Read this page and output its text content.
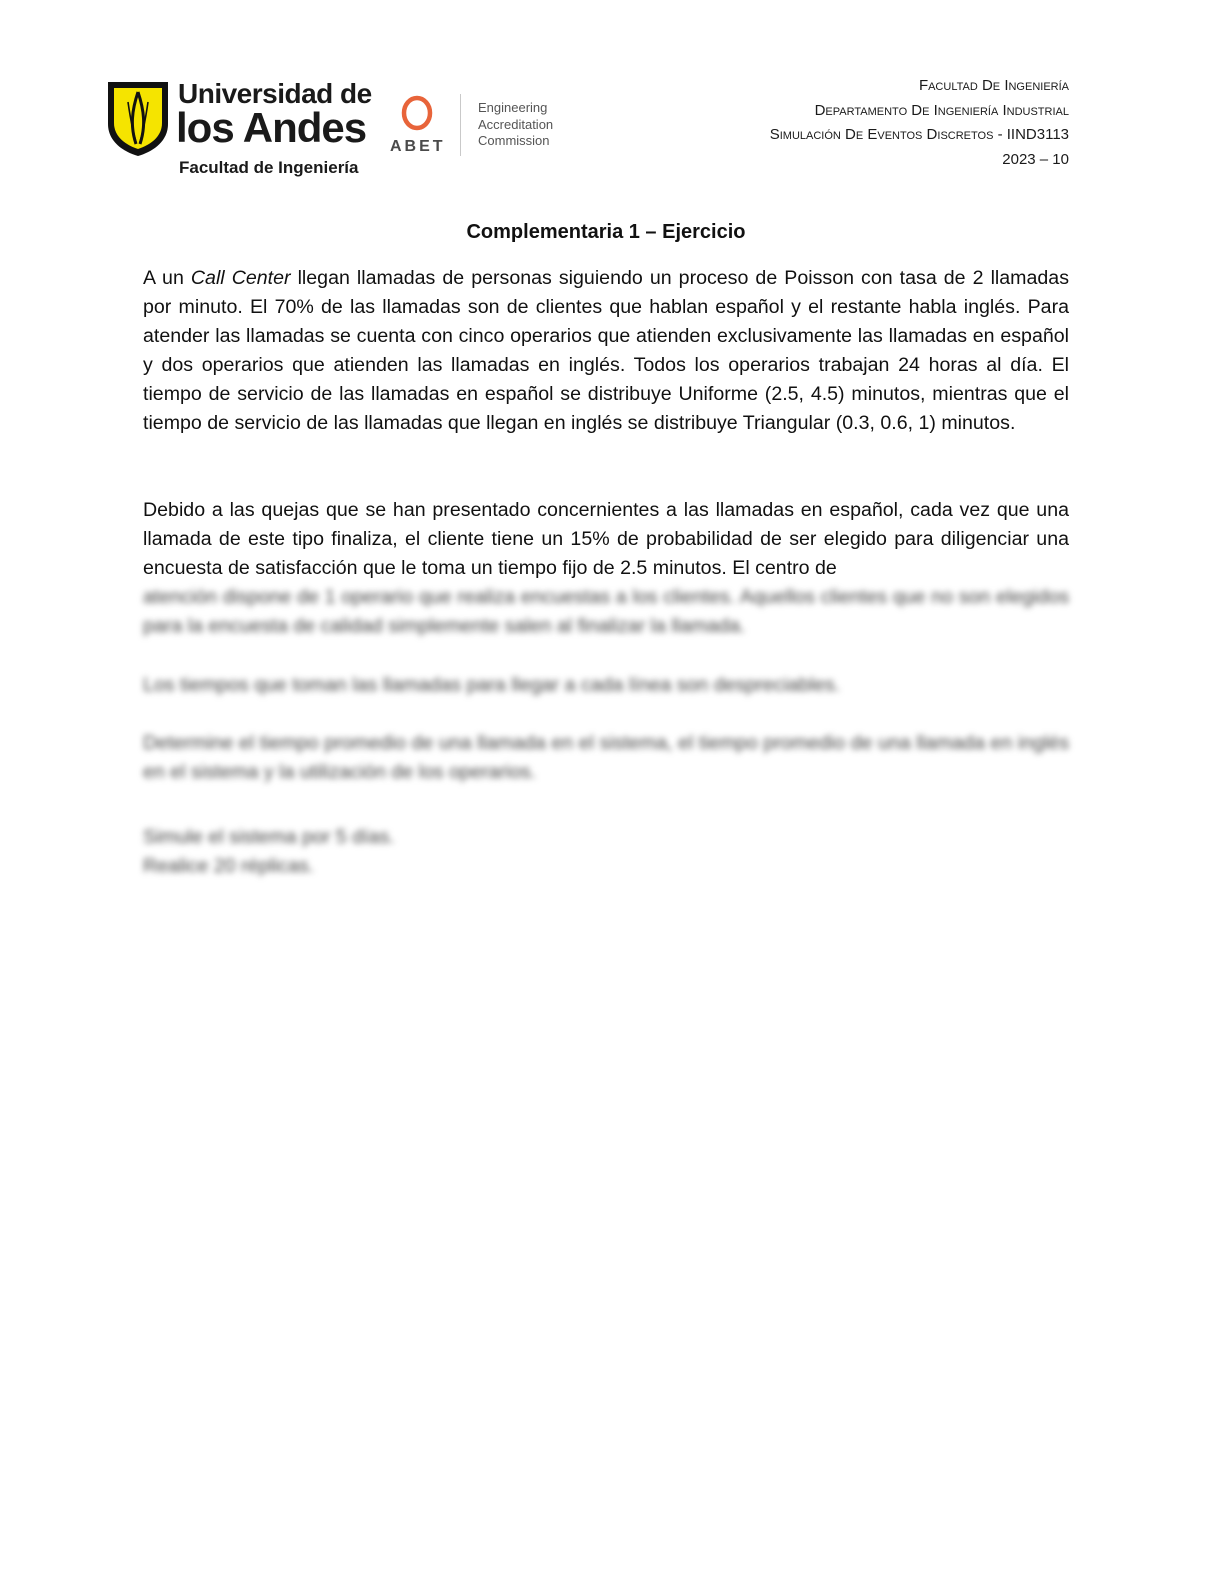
Universidad de
los Andes
Facultad de Ingeniería
ABET
Engineering
Accreditation
Commission
Facultad De Ingeniería
Departamento De Ingeniería Industrial
Simulación De Eventos Discretos - IIND3113
2023 – 10
Complementaria 1 – Ejercicio
A un Call Center llegan llamadas de personas siguiendo un proceso de Poisson con tasa de 2 llamadas por minuto. El 70% de las llamadas son de clientes que hablan español y el restante habla inglés. Para atender las llamadas se cuenta con cinco operarios que atienden exclusivamente las llamadas en español y dos operarios que atienden las llamadas en inglés. Todos los operarios trabajan 24 horas al día. El tiempo de servicio de las llamadas en español se distribuye Uniforme (2.5, 4.5) minutos, mientras que el tiempo de servicio de las llamadas que llegan en inglés se distribuye Triangular (0.3, 0.6, 1) minutos.
Debido a las quejas que se han presentado concernientes a las llamadas en español, cada vez que una llamada de este tipo finaliza, el cliente tiene un 15% de probabilidad de ser elegido para diligenciar una encuesta de satisfacción que le toma un tiempo fijo de 2.5 minutos. El centro de
atención dispone de 1 operario que realiza encuestas a los clientes. Aquellos clientes que no son elegidos para la encuesta de calidad simplemente salen al finalizar la llamada.
Los tiempos que toman las llamadas para llegar a cada línea son despreciables.
Determine el tiempo promedio de una llamada en el sistema, el tiempo promedio de una llamada en inglés en el sistema y la utilización de los operarios.
Simule el sistema por 5 días.
Realice 20 réplicas.
